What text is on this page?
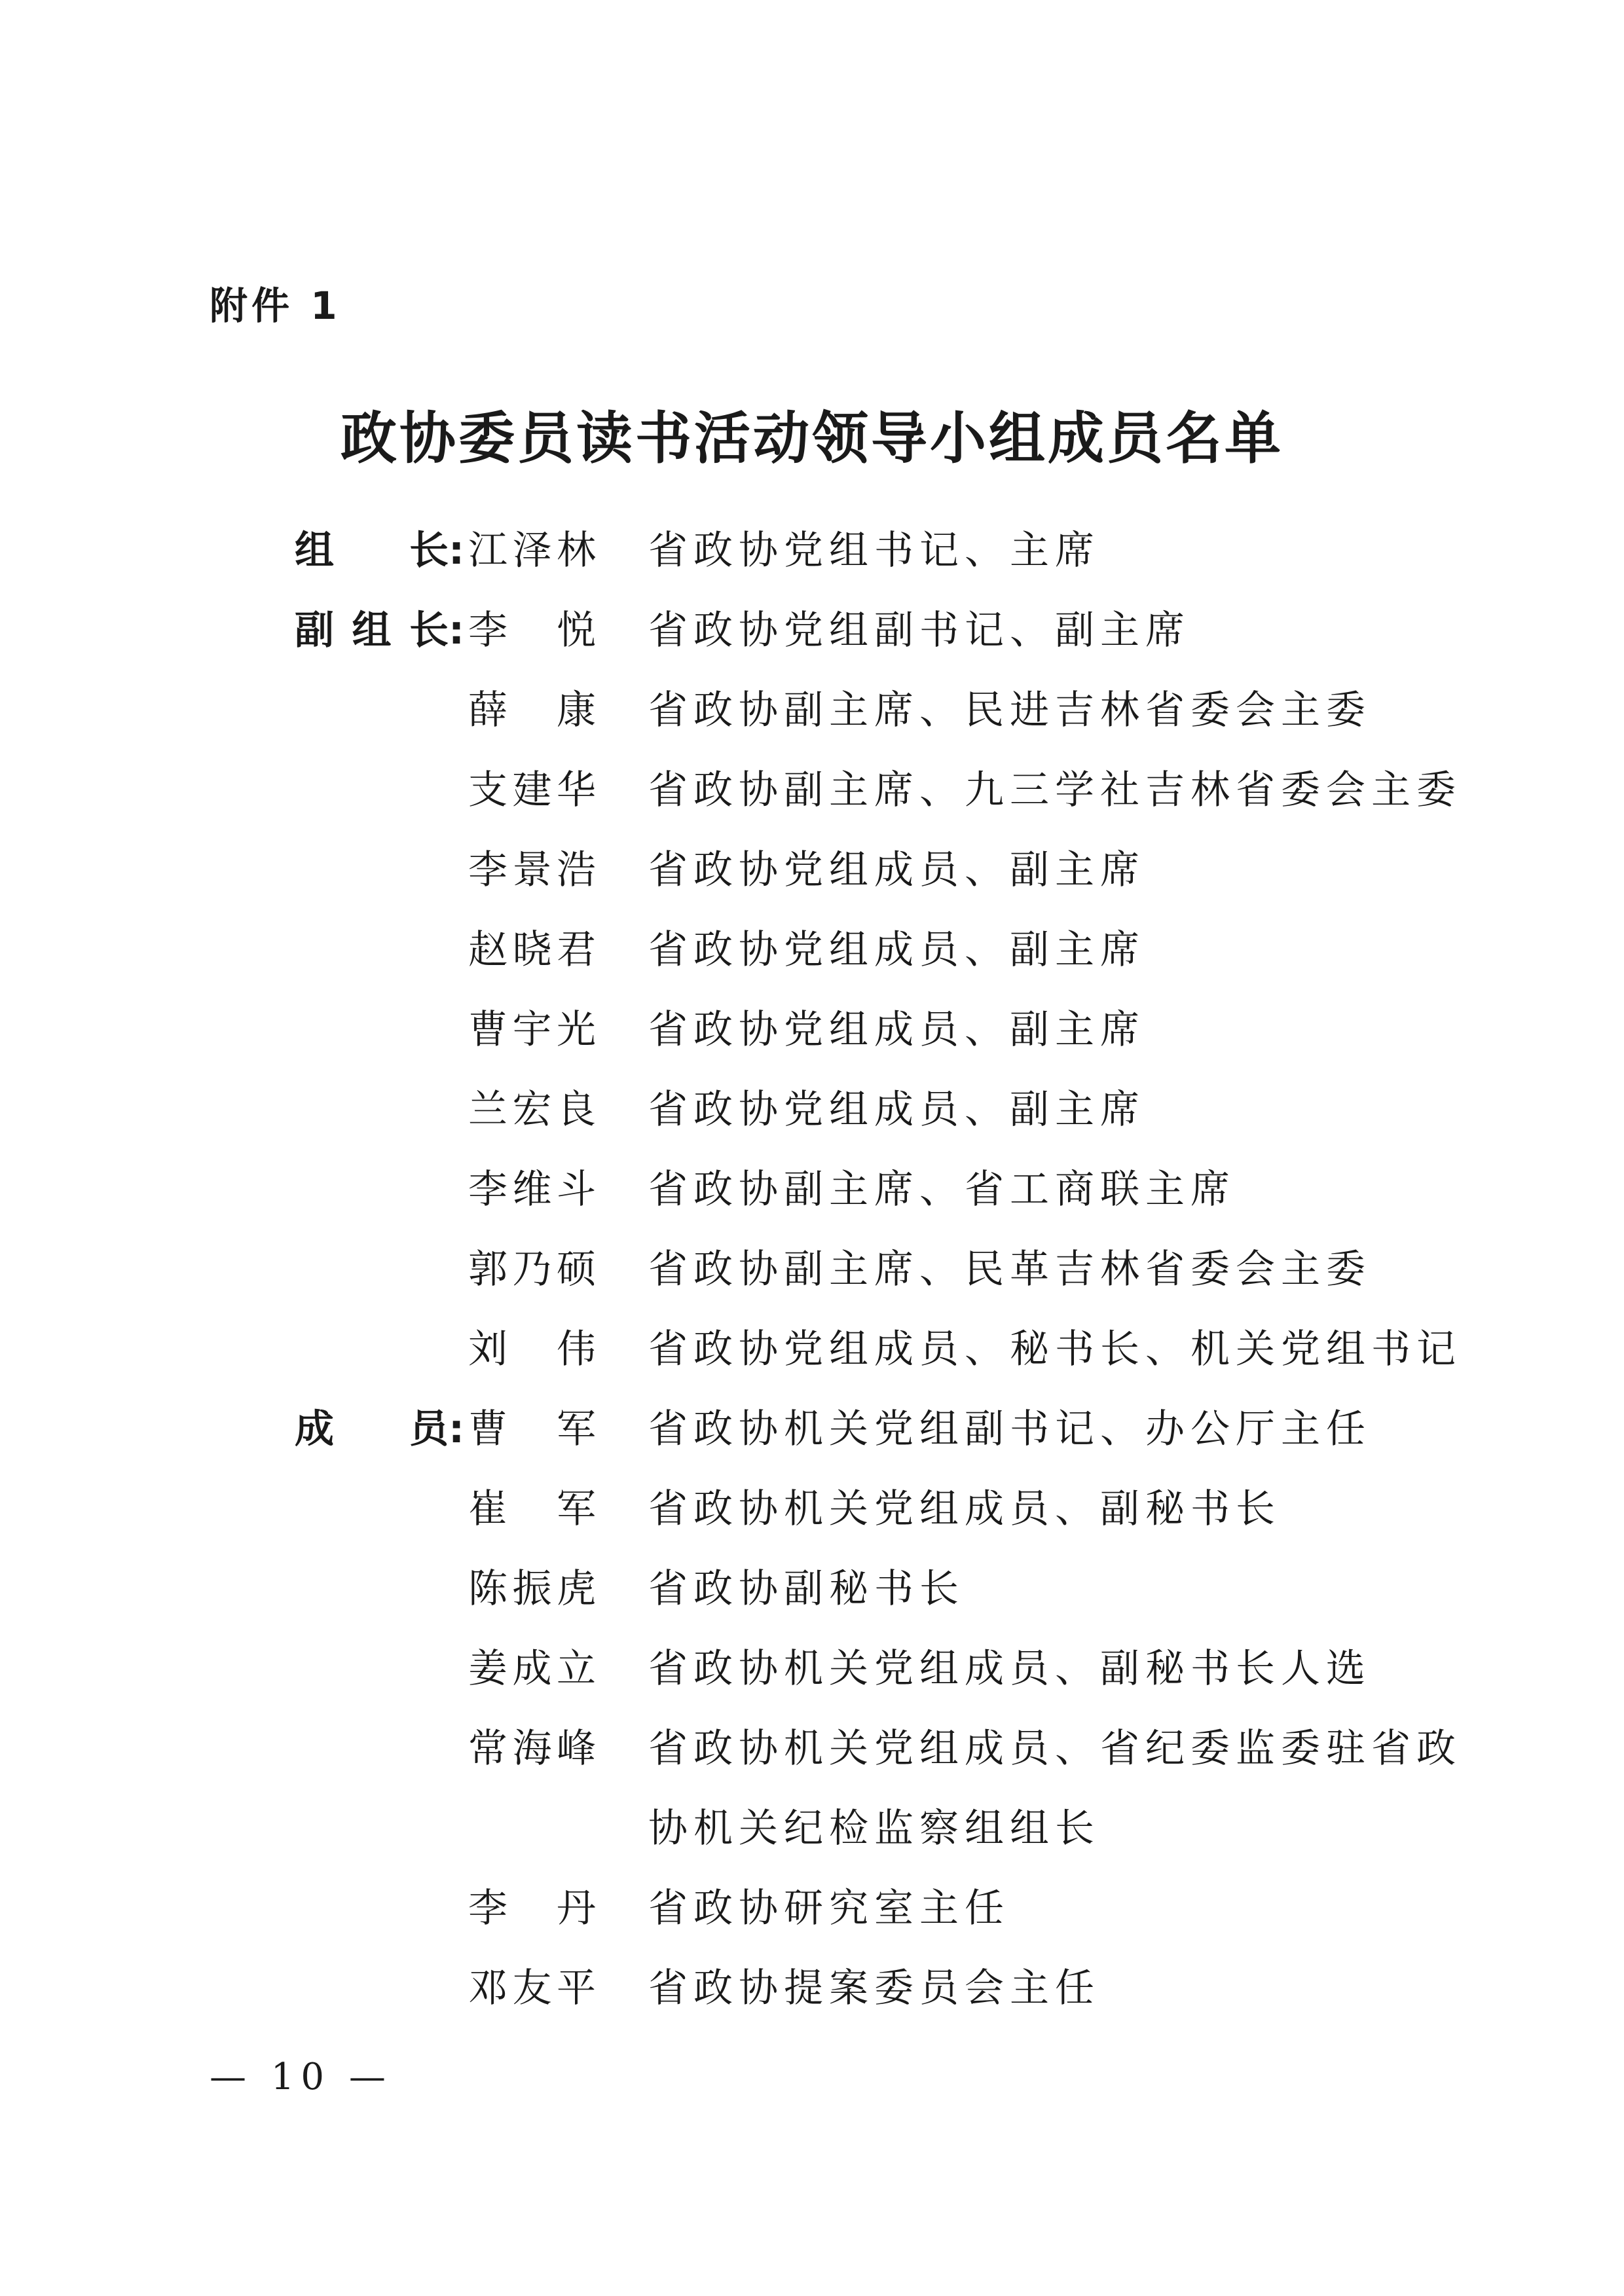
附件 1
政协委员读书活动领导小组成员名单
组长 :
江泽林 省政协党组书记、主席
副组长 :
李悦 省政协党组副书记、副主席
薛康 省政协副主席、民进吉林省委会主委
支建华 省政协副主席、九三学社吉林省委会主委
李景浩 省政协党组成员、副主席
赵晓君 省政协党组成员、副主席
曹宇光 省政协党组成员、副主席
兰宏良 省政协党组成员、副主席
李维斗 省政协副主席、省工商联主席
郭乃硕 省政协副主席、民革吉林省委会主委
刘伟 省政协党组成员、秘书长、机关党组书记
成员 :
曹军 省政协机关党组副书记、办公厅主任
崔军 省政协机关党组成员、副秘书长
陈振虎 省政协副秘书长
姜成立 省政协机关党组成员、副秘书长人选
常海峰 省政协机关党组成员、省纪委监委驻省政协机关纪检监察组组长
李丹 省政协研究室主任
邓友平 省政协提案委员会主任
— 10 —
